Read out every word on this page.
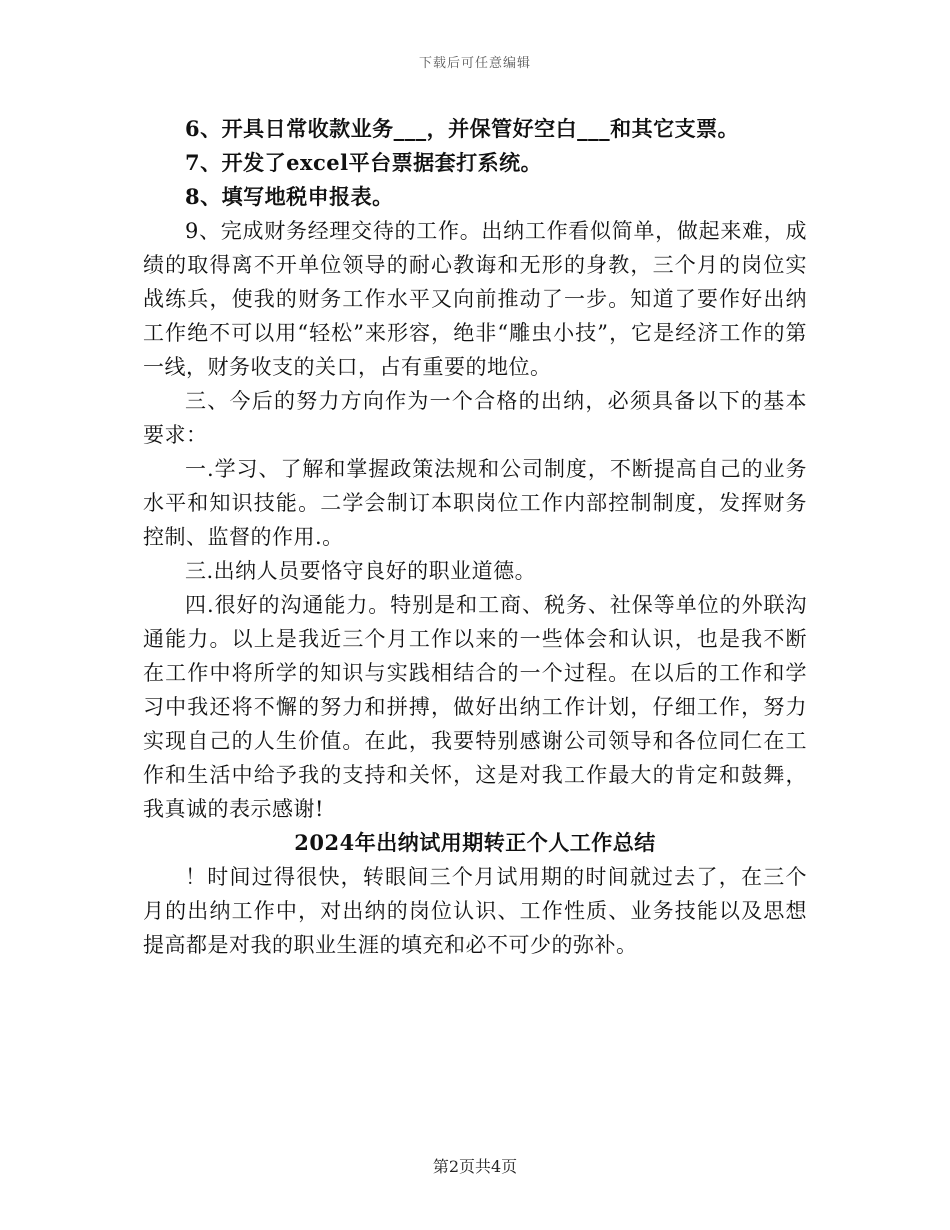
下载后可任意编辑

6、开具日常收款业务___，并保管好空白___和其它支票。

7、开发了excel平台票据套打系统。

8、填写地税申报表。

9、完成财务经理交待的工作。出纳工作看似简单，做起来难，成绩的取得离不开单位领导的耐心教诲和无形的身教，三个月的岗位实战练兵，使我的财务工作水平又向前推动了一步。知道了要作好出纳工作绝不可以用“轻松”来形容，绝非“雕虫小技”，它是经济工作的第一线，财务收支的关口，占有重要的地位。

三、今后的努力方向作为一个合格的出纳，必须具备以下的基本要求：

一.学习、了解和掌握政策法规和公司制度，不断提高自己的业务水平和知识技能。二学会制订本职岗位工作内部控制制度，发挥财务控制、监督的作用.。

三.出纳人员要恪守良好的职业道德。

四.很好的沟通能力。特别是和工商、税务、社保等单位的外联沟通能力。以上是我近三个月工作以来的一些体会和认识，也是我不断在工作中将所学的知识与实践相结合的一个过程。在以后的工作和学习中我还将不懈的努力和拼搏，做好出纳工作计划，仔细工作，努力实现自己的人生价值。在此，我要特别感谢公司领导和各位同仁在工作和生活中给予我的支持和关怀，这是对我工作最大的肯定和鼓舞，我真诚的表示感谢!

2024年出纳试用期转正个人工作总结

！时间过得很快，转眼间三个月试用期的时间就过去了，在三个月的出纳工作中，对出纳的岗位认识、工作性质、业务技能以及思想提高都是对我的职业生涯的填充和必不可少的弥补。

第2页共4页
